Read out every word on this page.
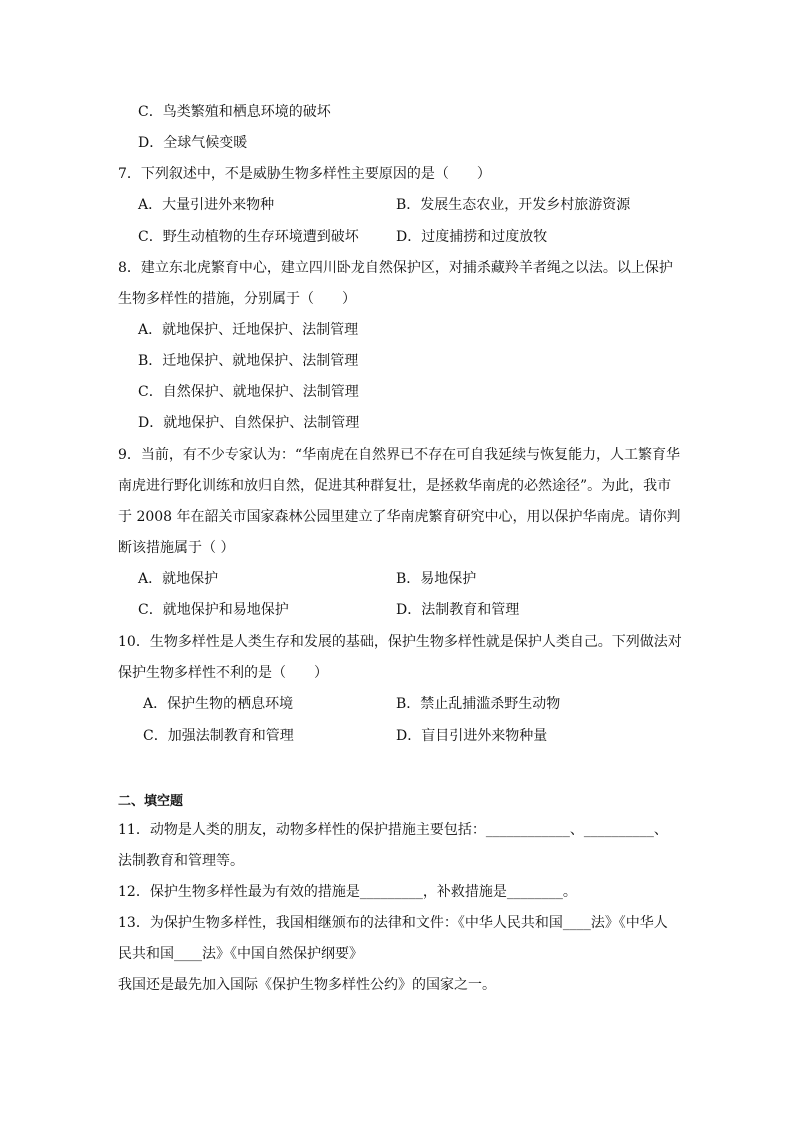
C．鸟类繁殖和栖息环境的破坏
D．全球气候变暖
7．下列叙述中，不是威胁生物多样性主要原因的是（　　）
A．大量引进外来物种	B．发展生态农业，开发乡村旅游资源
C．野生动植物的生存环境遭到破坏	D．过度捕捞和过度放牧
8．建立东北虎繁育中心，建立四川卧龙自然保护区，对捕杀藏羚羊者绳之以法。以上保护
生物多样性的措施，分别属于（　　）
A．就地保护、迁地保护、法制管理
B．迁地保护、就地保护、法制管理
C．自然保护、就地保护、法制管理
D．就地保护、自然保护、法制管理
9．当前，有不少专家认为：“华南虎在自然界已不存在可自我延续与恢复能力，人工繁育华
南虎进行野化训练和放归自然，促进其种群复壮，是拯救华南虎的必然途径”。为此，我市
于 2008 年在韶关市国家森林公园里建立了华南虎繁育研究中心，用以保护华南虎。请你判
断该措施属于（ ）
A．就地保护	B．易地保护
C．就地保护和易地保护	D．法制教育和管理
10．生物多样性是人类生存和发展的基础，保护生物多样性就是保护人类自己。下列做法对
保护生物多样性不利的是（　　）
A．保护生物的栖息环境	B．禁止乱捕滥杀野生动物
C．加强法制教育和管理	D．盲目引进外来物种量
二、填空题
11．动物是人类的朋友，动物多样性的保护措施主要包括：____________、__________、
法制教育和管理等。
12．保护生物多样性最为有效的措施是_________，补救措施是________。
13．为保护生物多样性，我国相继颁布的法律和文件：《中华人民共和国____法》《中华人
民共和国____法》《中国自然保护纲要》
我国还是最先加入国际《保护生物多样性公约》的国家之一。
